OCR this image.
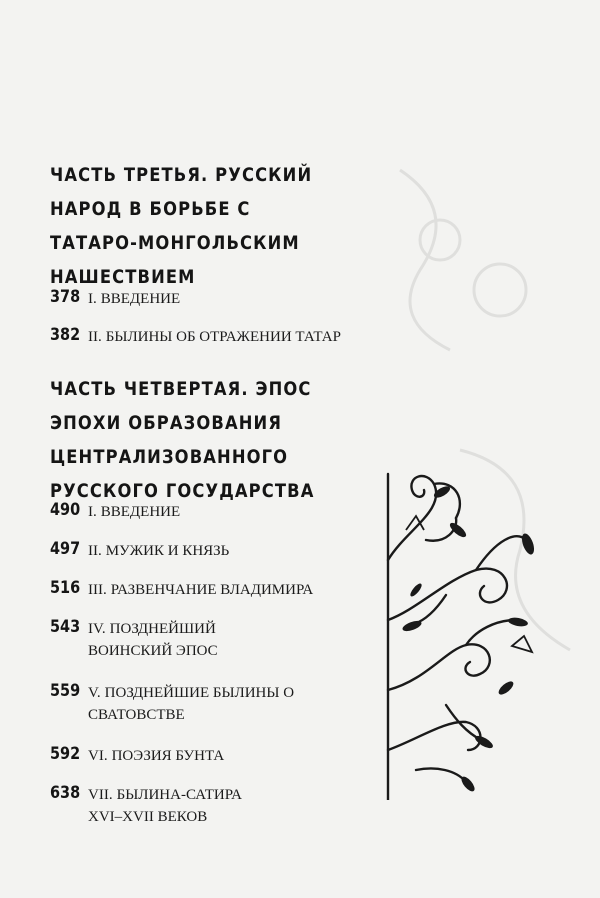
ЧАСТЬ ТРЕТЬЯ. РУССКИЙ НАРОД В БОРЬБЕ С ТАТАРО-МОНГОЛЬСКИМ НАШЕСТВИЕМ
378 I. ВВЕДЕНИЕ
382 II. БЫЛИНЫ ОБ ОТРАЖЕНИИ ТАТАР
ЧАСТЬ ЧЕТВЕРТАЯ. ЭПОС ЭПОХИ ОБРАЗОВАНИЯ ЦЕНТРАЛИЗОВАННОГО РУССКОГО ГОСУДАРСТВА
490 I. ВВЕДЕНИЕ
497 II. МУЖИК И КНЯЗЬ
516 III. РАЗВЕНЧАНИЕ ВЛАДИМИРА
543 IV. ПОЗДНЕЙШИЙ ВОИНСКИЙ ЭПОС
559 V. ПОЗДНЕЙШИЕ БЫЛИНЫ О СВАТОВСТВЕ
592 VI. ПОЭЗИЯ БУНТА
638 VII. БЫЛИНА-САТИРА XVI–XVII ВЕКОВ
